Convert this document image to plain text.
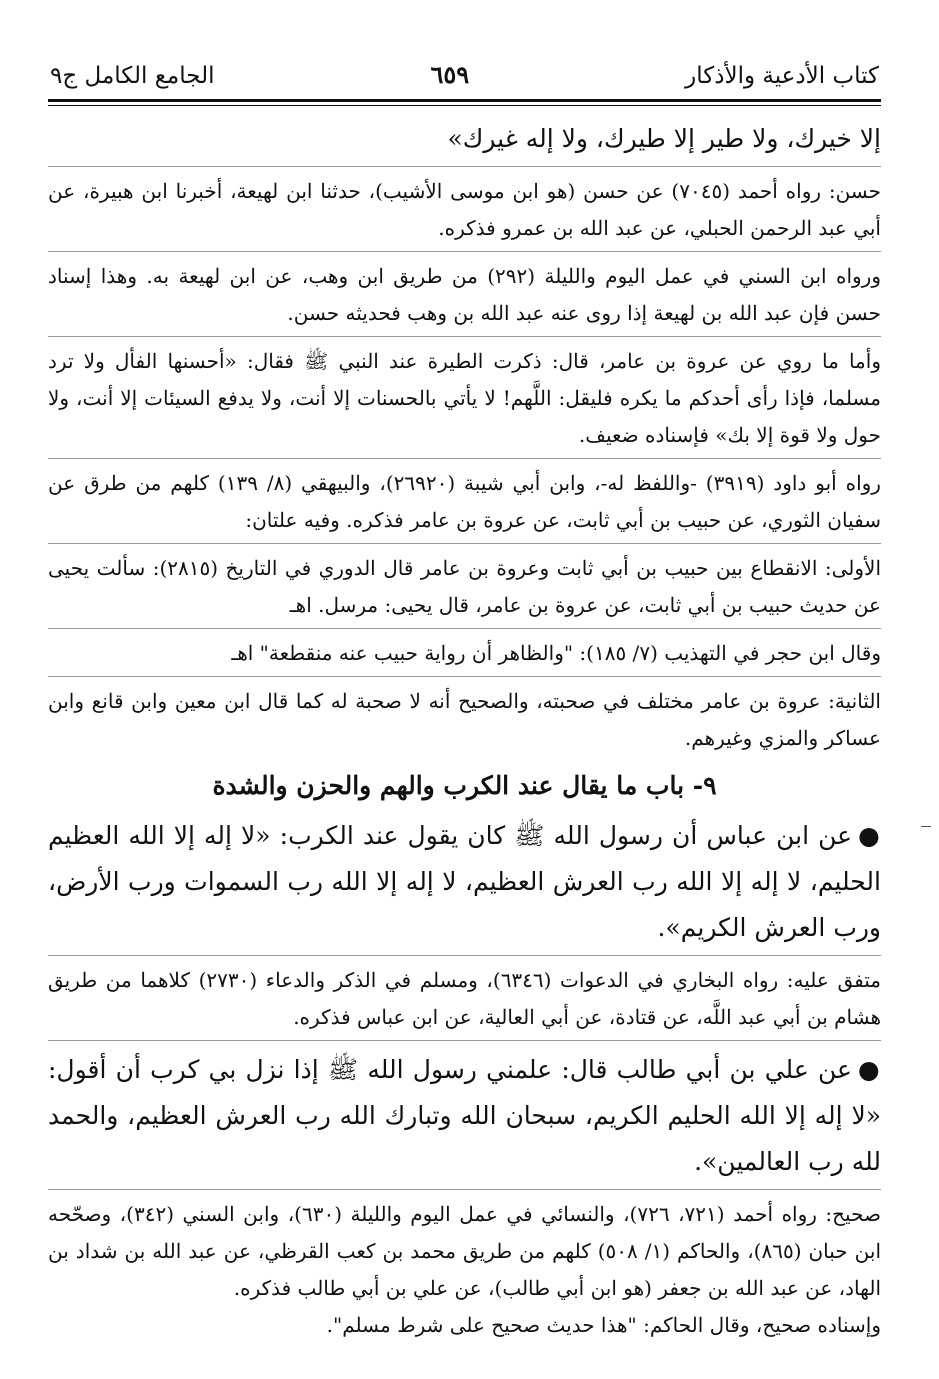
كتاب الأدعية والأذكار
٦٥٩
الجامع الكامل ج٩

إلا خيرك، ولا طير إلا طيرك، ولا إله غيرك»

حسن: رواه أحمد (٧٠٤٥) عن حسن (هو ابن موسى الأشيب)، حدثنا ابن لهيعة، أخبرنا ابن هبيرة، عن أبي عبد الرحمن الحبلي، عن عبد الله بن عمرو فذكره.

ورواه ابن السني في عمل اليوم والليلة (٢٩٢) من طريق ابن وهب، عن ابن لهيعة به. وهذا إسناد حسن فإن عبد الله بن لهيعة إذا روى عنه عبد الله بن وهب فحديثه حسن.

وأما ما روي عن عروة بن عامر، قال: ذكرت الطيرة عند النبي ﷺ فقال: «أحسنها الفأل ولا ترد مسلما، فإذا رأى أحدكم ما يكره فليقل: اللَّهم! لا يأتي بالحسنات إلا أنت، ولا يدفع السيئات إلا أنت، ولا حول ولا قوة إلا بك» فإسناده ضعيف.

رواه أبو داود (٣٩١٩) -واللفظ له-، وابن أبي شيبة (٢٦٩٢٠)، والبيهقي (٨/ ١٣٩) كلهم من طرق عن سفيان الثوري، عن حبيب بن أبي ثابت، عن عروة بن عامر فذكره. وفيه علتان:

الأولى: الانقطاع بين حبيب بن أبي ثابت وعروة بن عامر قال الدوري في التاريخ (٢٨١٥): سألت يحيى عن حديث حبيب بن أبي ثابت، عن عروة بن عامر، قال يحيى: مرسل. اهـ

وقال ابن حجر في التهذيب (٧/ ١٨٥): "والظاهر أن رواية حبيب عنه منقطعة" اهـ

الثانية: عروة بن عامر مختلف في صحبته، والصحيح أنه لا صحبة له كما قال ابن معين وابن قانع وابن عساكر والمزي وغيرهم.

٩- باب ما يقال عند الكرب والهم والحزن والشدة

●عن ابن عباس أن رسول الله ﷺ كان يقول عند الكرب: «لا إله إلا الله العظيم الحليم، لا إله إلا الله رب العرش العظيم، لا إله إلا الله رب السموات ورب الأرض، ورب العرش الكريم».

متفق عليه: رواه البخاري في الدعوات (٦٣٤٦)، ومسلم في الذكر والدعاء (٢٧٣٠) كلاهما من طريق هشام بن أبي عبد اللَّه، عن قتادة، عن أبي العالية، عن ابن عباس فذكره.

●عن علي بن أبي طالب قال: علمني رسول الله ﷺ إذا نزل بي كرب أن أقول: «لا إله إلا الله الحليم الكريم، سبحان الله وتبارك الله رب العرش العظيم، والحمد لله رب العالمين».

صحيح: رواه أحمد (٧٢١، ٧٢٦)، والنسائي في عمل اليوم والليلة (٦٣٠)، وابن السني (٣٤٢)، وصحّحه ابن حبان (٨٦٥)، والحاكم (١/ ٥٠٨) كلهم من طريق محمد بن كعب القرظي، عن عبد الله بن شداد بن الهاد، عن عبد الله بن جعفر (هو ابن أبي طالب)، عن علي بن أبي طالب فذكره.

وإسناده صحيح، وقال الحاكم: "هذا حديث صحيح على شرط مسلم".
